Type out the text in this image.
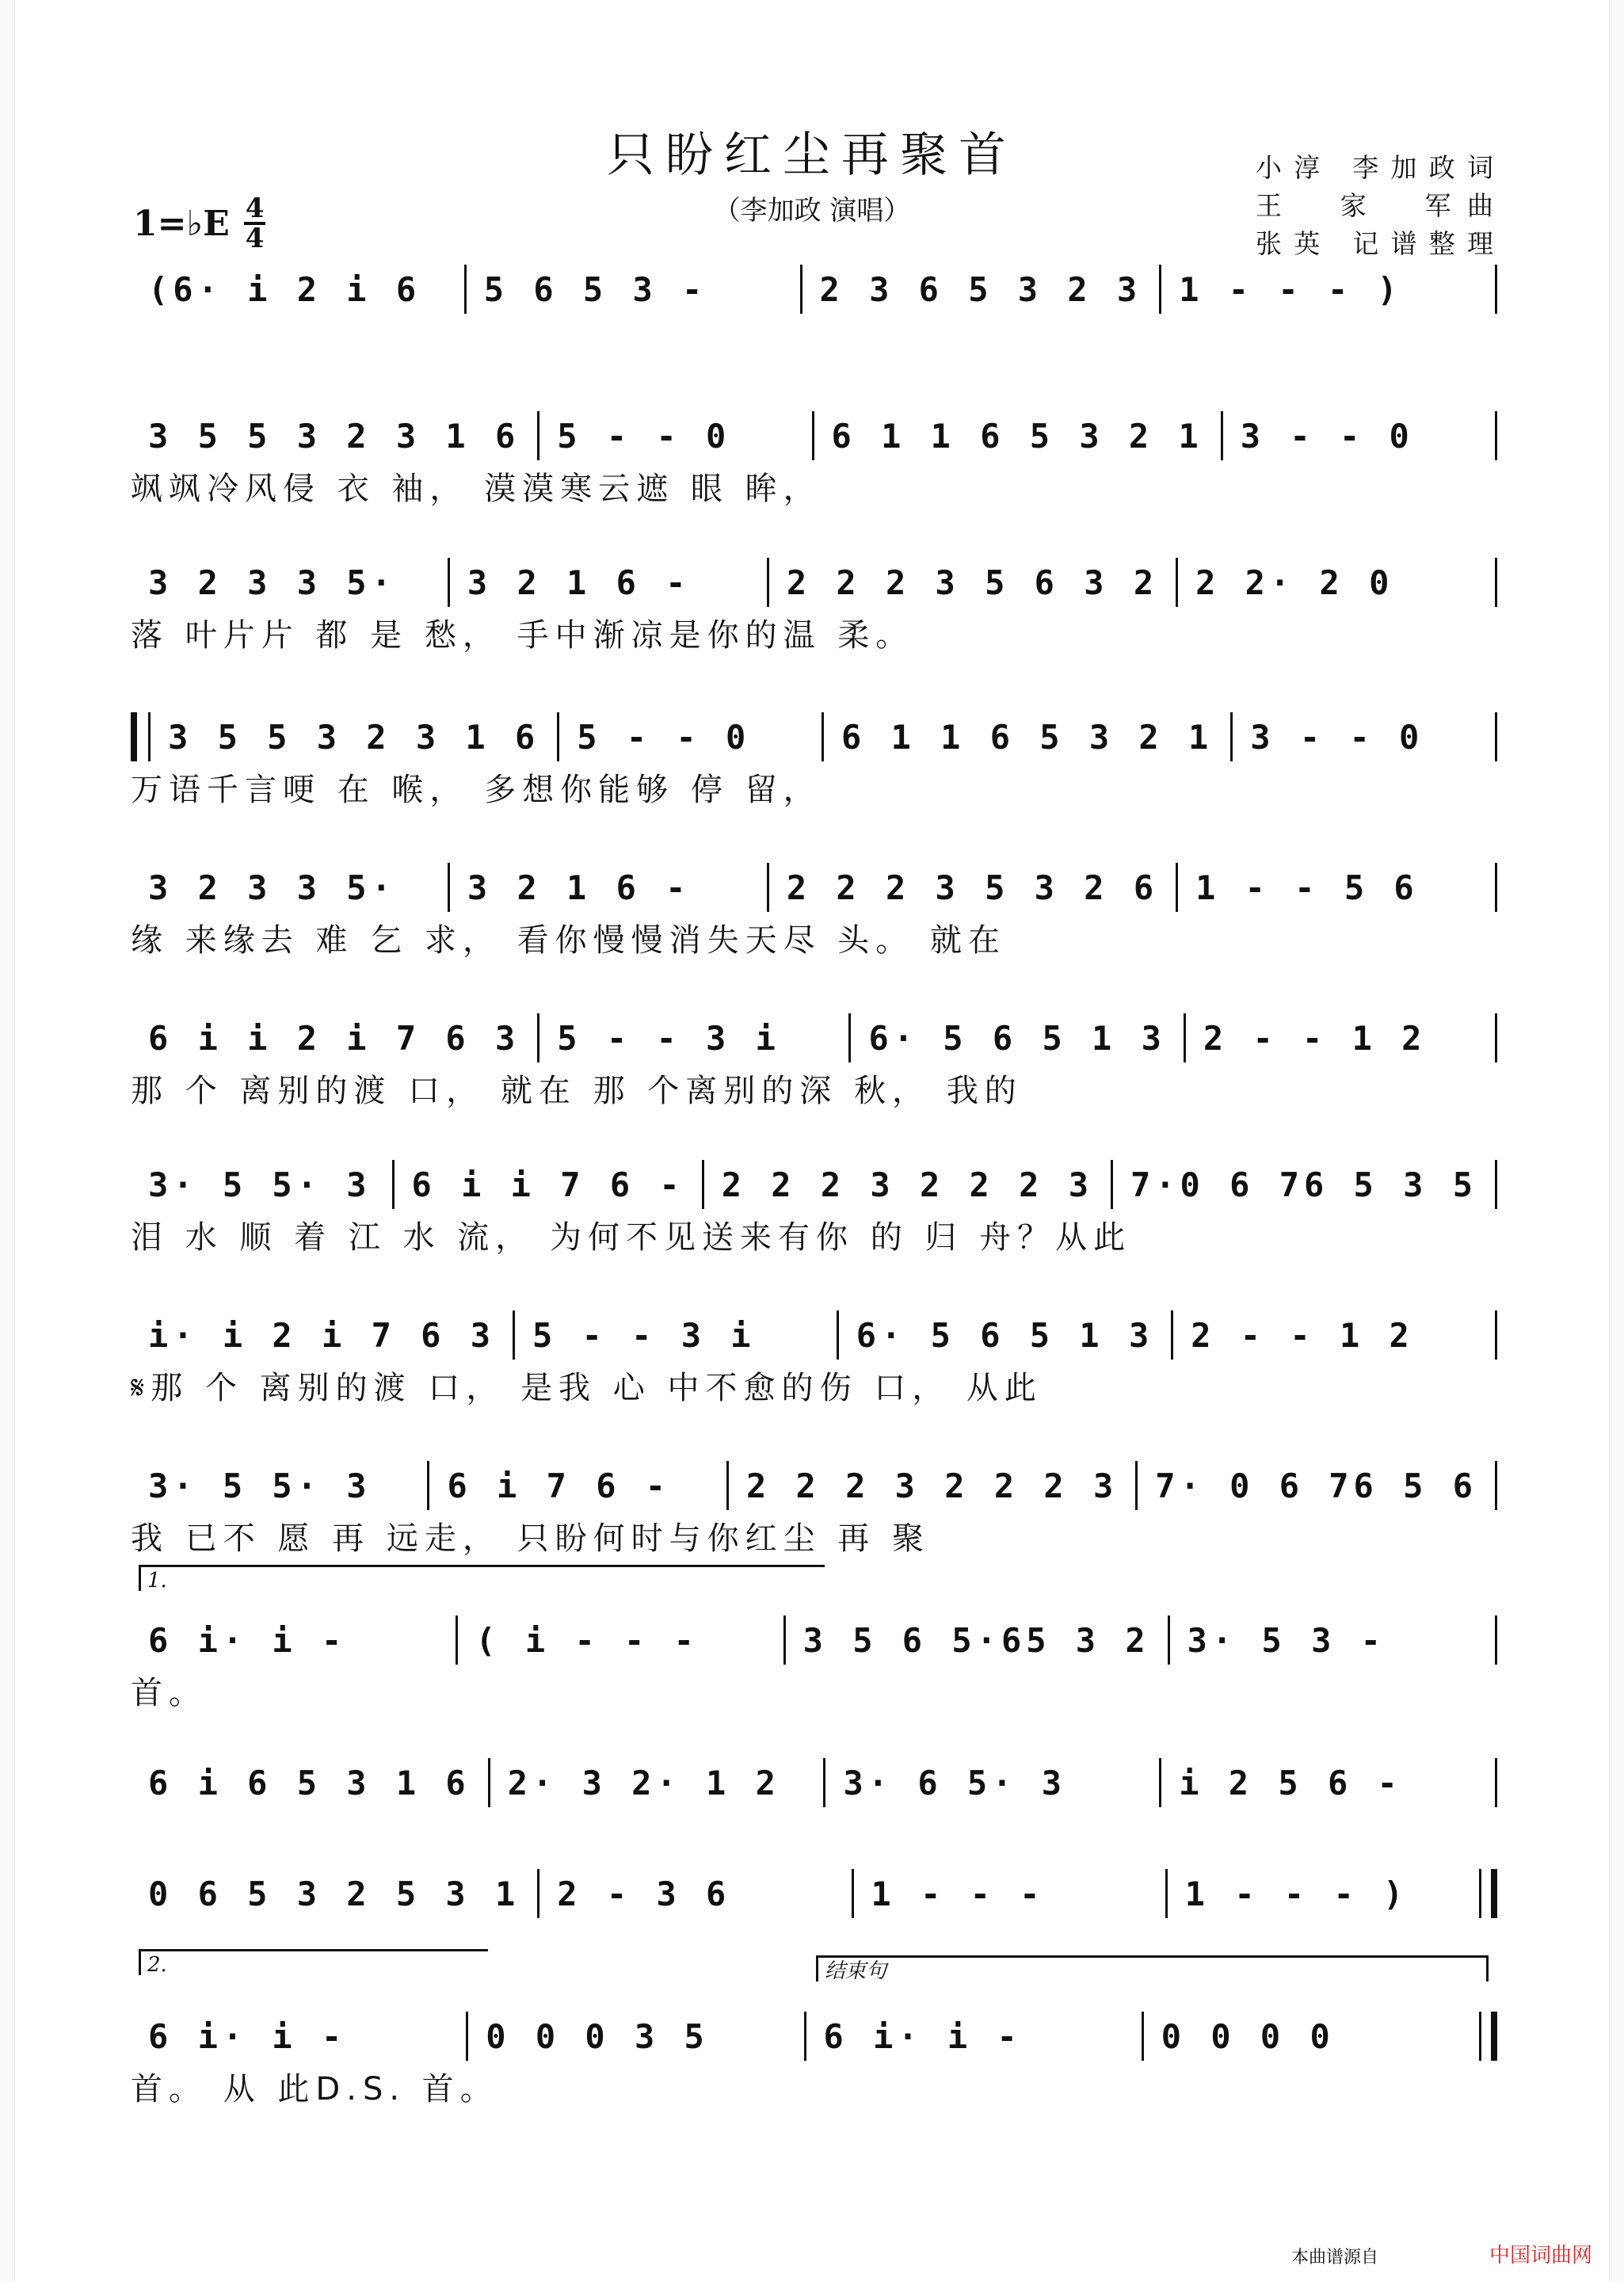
只盼红尘再聚首
（李加政 演唱）
小淳 李加政词
王　家　军曲
张英 记谱整理
1=♭E 4
4
(6· i 2 i 6	5 6 5 3 -	2 3 6 5 3 2 3	1 - - - )
3 5 5 3 2 3 1 6	5 - - 0	6 1 1 6 5 3 2 1	3 - - 0
飒飒冷风侵 衣 袖， 漠漠寒云遮 眼 眸，
3 2 3 3 5·	3 2 1 6 -	2 2 2 3 5 6 3 2	2 2· 2 0
落 叶片片 都 是 愁， 手中渐凉是你的温 柔。
3 5 5 3 2 3 1 6	5 - - 0	6 1 1 6 5 3 2 1	3 - - 0
万语千言哽 在 喉， 多想你能够 停 留，
3 2 3 3 5·	3 2 1 6 -	2 2 2 3 5 3 2 6	1 - - 5 6
缘 来缘去 难 乞 求， 看你慢慢消失天尽 头。 就在
6 i i 2 i 7 6 3	5 - - 3 i	6· 5 6 5 1 3	2 - - 1 2
那 个 离别的渡 口， 就在 那 个离别的深 秋， 我的
3· 5 5· 3	6 i i 7 6 -	2 2 2 3 2 2 2 3	7·0 6 76 5 3 5
泪 水 顺 着 江 水 流， 为何不见送来有你 的 归 舟？从此
i· i 2 i 7 6 3	5 - - 3 i	6· 5 6 5 1 3	2 - - 1 2
𝄋那 个 离别的渡 口， 是我 心 中不愈的伤 口， 从此
3· 5 5· 3	6 i 7 6 -	2 2 2 3 2 2 2 3	7· 0 6 76 5 6
我 已不 愿 再 远走， 只盼何时与你红尘 再 聚
6 i· i -	( i - - -	3 5 6 5·65 3 2	3· 5 3 -
首。
6 i 6 5 3 1 6	2· 3 2· 1 2	3· 6 5· 3	i 2 5 6 -
0 6 5 3 2 5 3 1	2 - 3 6	1 - - -	1 - - - )
6 i· i -	0 0 0 3 5	6 i· i -	0 0 0 0
首。 从 此D.S. 首。
本曲谱源自	中国词曲网
1.
2.	结束句
